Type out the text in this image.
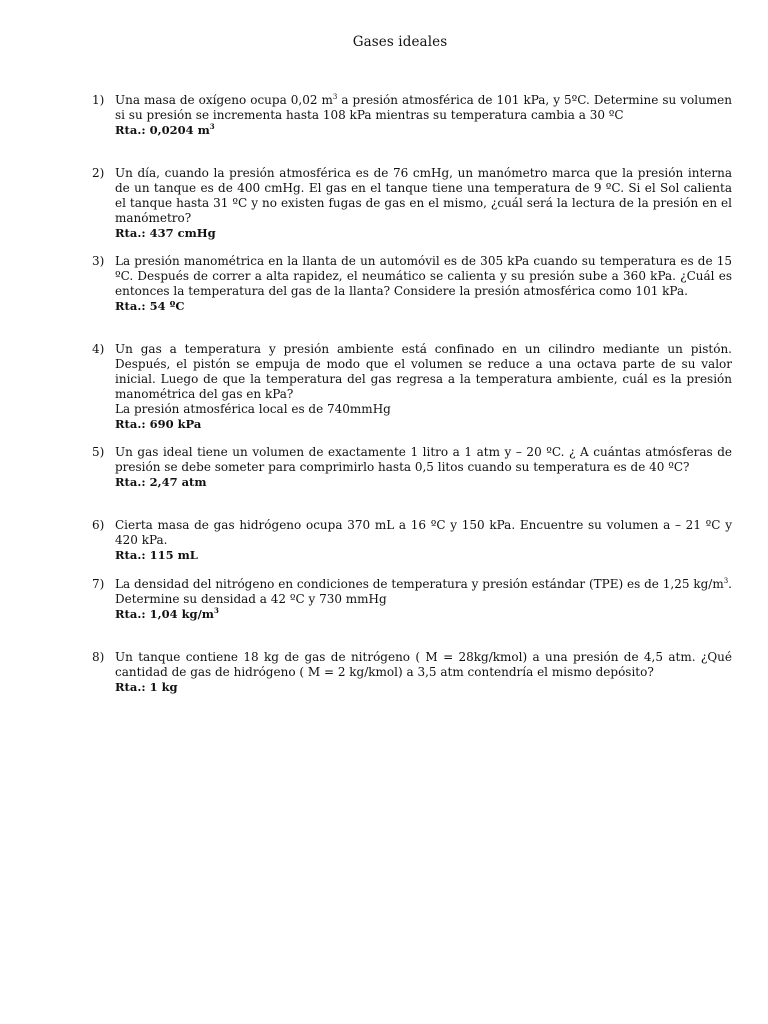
Gases ideales
1) Una masa de oxígeno ocupa 0,02 $m^3$ a presión atmosférica de 101 kPa, y 5ºC. Determine su volumen si su presión se incrementa hasta 108 kPa mientras su temperatura cambia a 30 ºC
Rta.: 0,0204 $m^3$
2) Un día, cuando la presión atmosférica es de 76 cmHg, un manómetro marca que la presión interna de un tanque es de 400 cmHg. El gas en el tanque tiene una temperatura de 9 ºC. Si el Sol calienta el tanque hasta 31 ºC y no existen fugas de gas en el mismo, ¿cuál será la lectura de la presión en el manómetro?
Rta.: 437 cmHg
3) La presión manométrica en la llanta de un automóvil es de 305 kPa cuando su temperatura es de 15 ºC. Después de correr a alta rapidez, el neumático se calienta y su presión sube a 360 kPa. ¿Cuál es entonces la temperatura del gas de la llanta? Considere la presión atmosférica como 101 kPa.
Rta.: 54 ºC
4) Un gas a temperatura y presión ambiente está confinado en un cilindro mediante un pistón. Después, el pistón se empuja de modo que el volumen se reduce a una octava parte de su valor inicial. Luego de que la temperatura del gas regresa a la temperatura ambiente, cuál es la presión manométrica del gas en kPa?
La presión atmosférica local es de 740mmHg
Rta.: 690 kPa
5) Un gas ideal tiene un volumen de exactamente 1 litro a 1 atm y – 20 ºC. ¿ A cuántas atmósferas de presión se debe someter para comprimirlo hasta 0,5 litos cuando su temperatura es de 40 ºC?
Rta.: 2,47 atm
6) Cierta masa de gas hidrógeno ocupa 370 mL a 16 ºC y 150 kPa. Encuentre su volumen a – 21 ºC y 420 kPa.
Rta.: 115 mL
7) La densidad del nitrógeno en condiciones de temperatura y presión estándar (TPE) es de 1,25 $kg/m^3$. Determine su densidad a 42 ºC y 730 mmHg
Rta.: 1,04 $kg/m^3$
8) Un tanque contiene 18 kg de gas de nitrógeno ( M = 28kg/kmol) a una presión de 4,5 atm. ¿Qué cantidad de gas de hidrógeno ( M = 2 kg/kmol) a 3,5 atm contendría el mismo depósito?
Rta.: 1 kg
